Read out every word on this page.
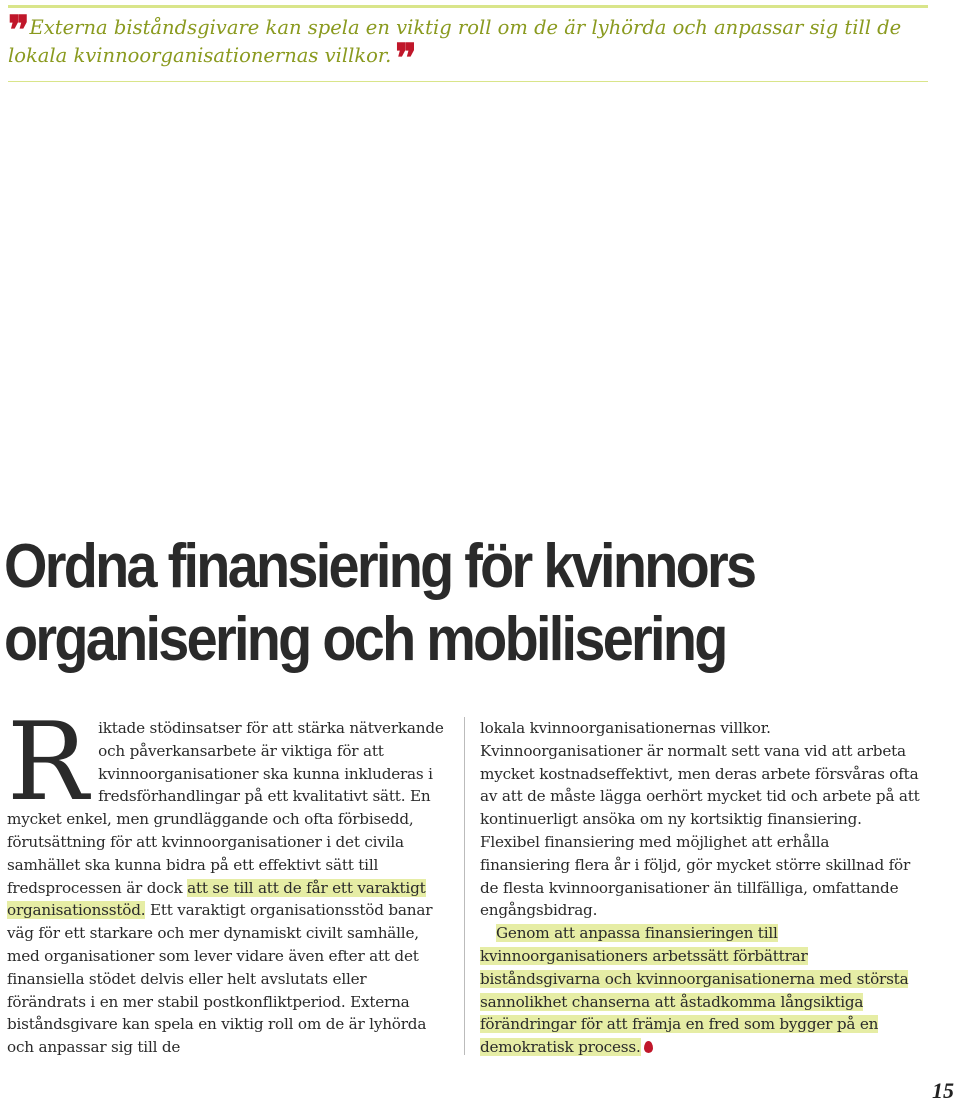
❞Externa biståndsgivare kan spela en viktig roll om de är lyhörda och anpassar sig till de lokala kvinnoorganisationernas villkor. ❞

Ordna finansiering för kvinnors
organisering och mobilisering

Riktade stödinsatser för att stärka nätverkande och påverkansarbete är viktiga för att kvinnoorganisationer ska kunna inkluderas i fredsförhandlingar på ett kvalitativt sätt. En mycket enkel, men grundläggande och ofta förbisedd, förutsättning för att kvinnoorganisationer i det civila samhället ska kunna bidra på ett effektivt sätt till fredsprocessen är dock att se till att de får ett varaktigt organisationsstöd. Ett varaktigt organisationsstöd banar väg för ett starkare och mer dynamiskt civilt samhälle, med organisationer som lever vidare även efter att det finansiella stödet delvis eller helt avslutats eller förändrats i en mer stabil postkonfliktperiod. Externa biståndsgivare kan spela en viktig roll om de är lyhörda och anpassar sig till de

lokala kvinnoorganisationernas villkor. Kvinnoorganisationer är normalt sett vana vid att arbeta mycket kostnadseffektivt, men deras arbete försvåras ofta av att de måste lägga oerhört mycket tid och arbete på att kontinuerligt ansöka om ny kortsiktig finansiering. Flexibel finansiering med möjlighet att erhålla finansiering flera år i följd, gör mycket större skillnad för de flesta kvinnoorganisationer än tillfälliga, omfattande engångsbidrag.

Genom att anpassa finansieringen till kvinnoorganisationers arbetssätt förbättrar biståndsgivarna och kvinnoorganisationerna med största sannolikhet chanserna att åstadkomma långsiktiga förändringar för att främja en fred som bygger på en demokratisk process.

15
